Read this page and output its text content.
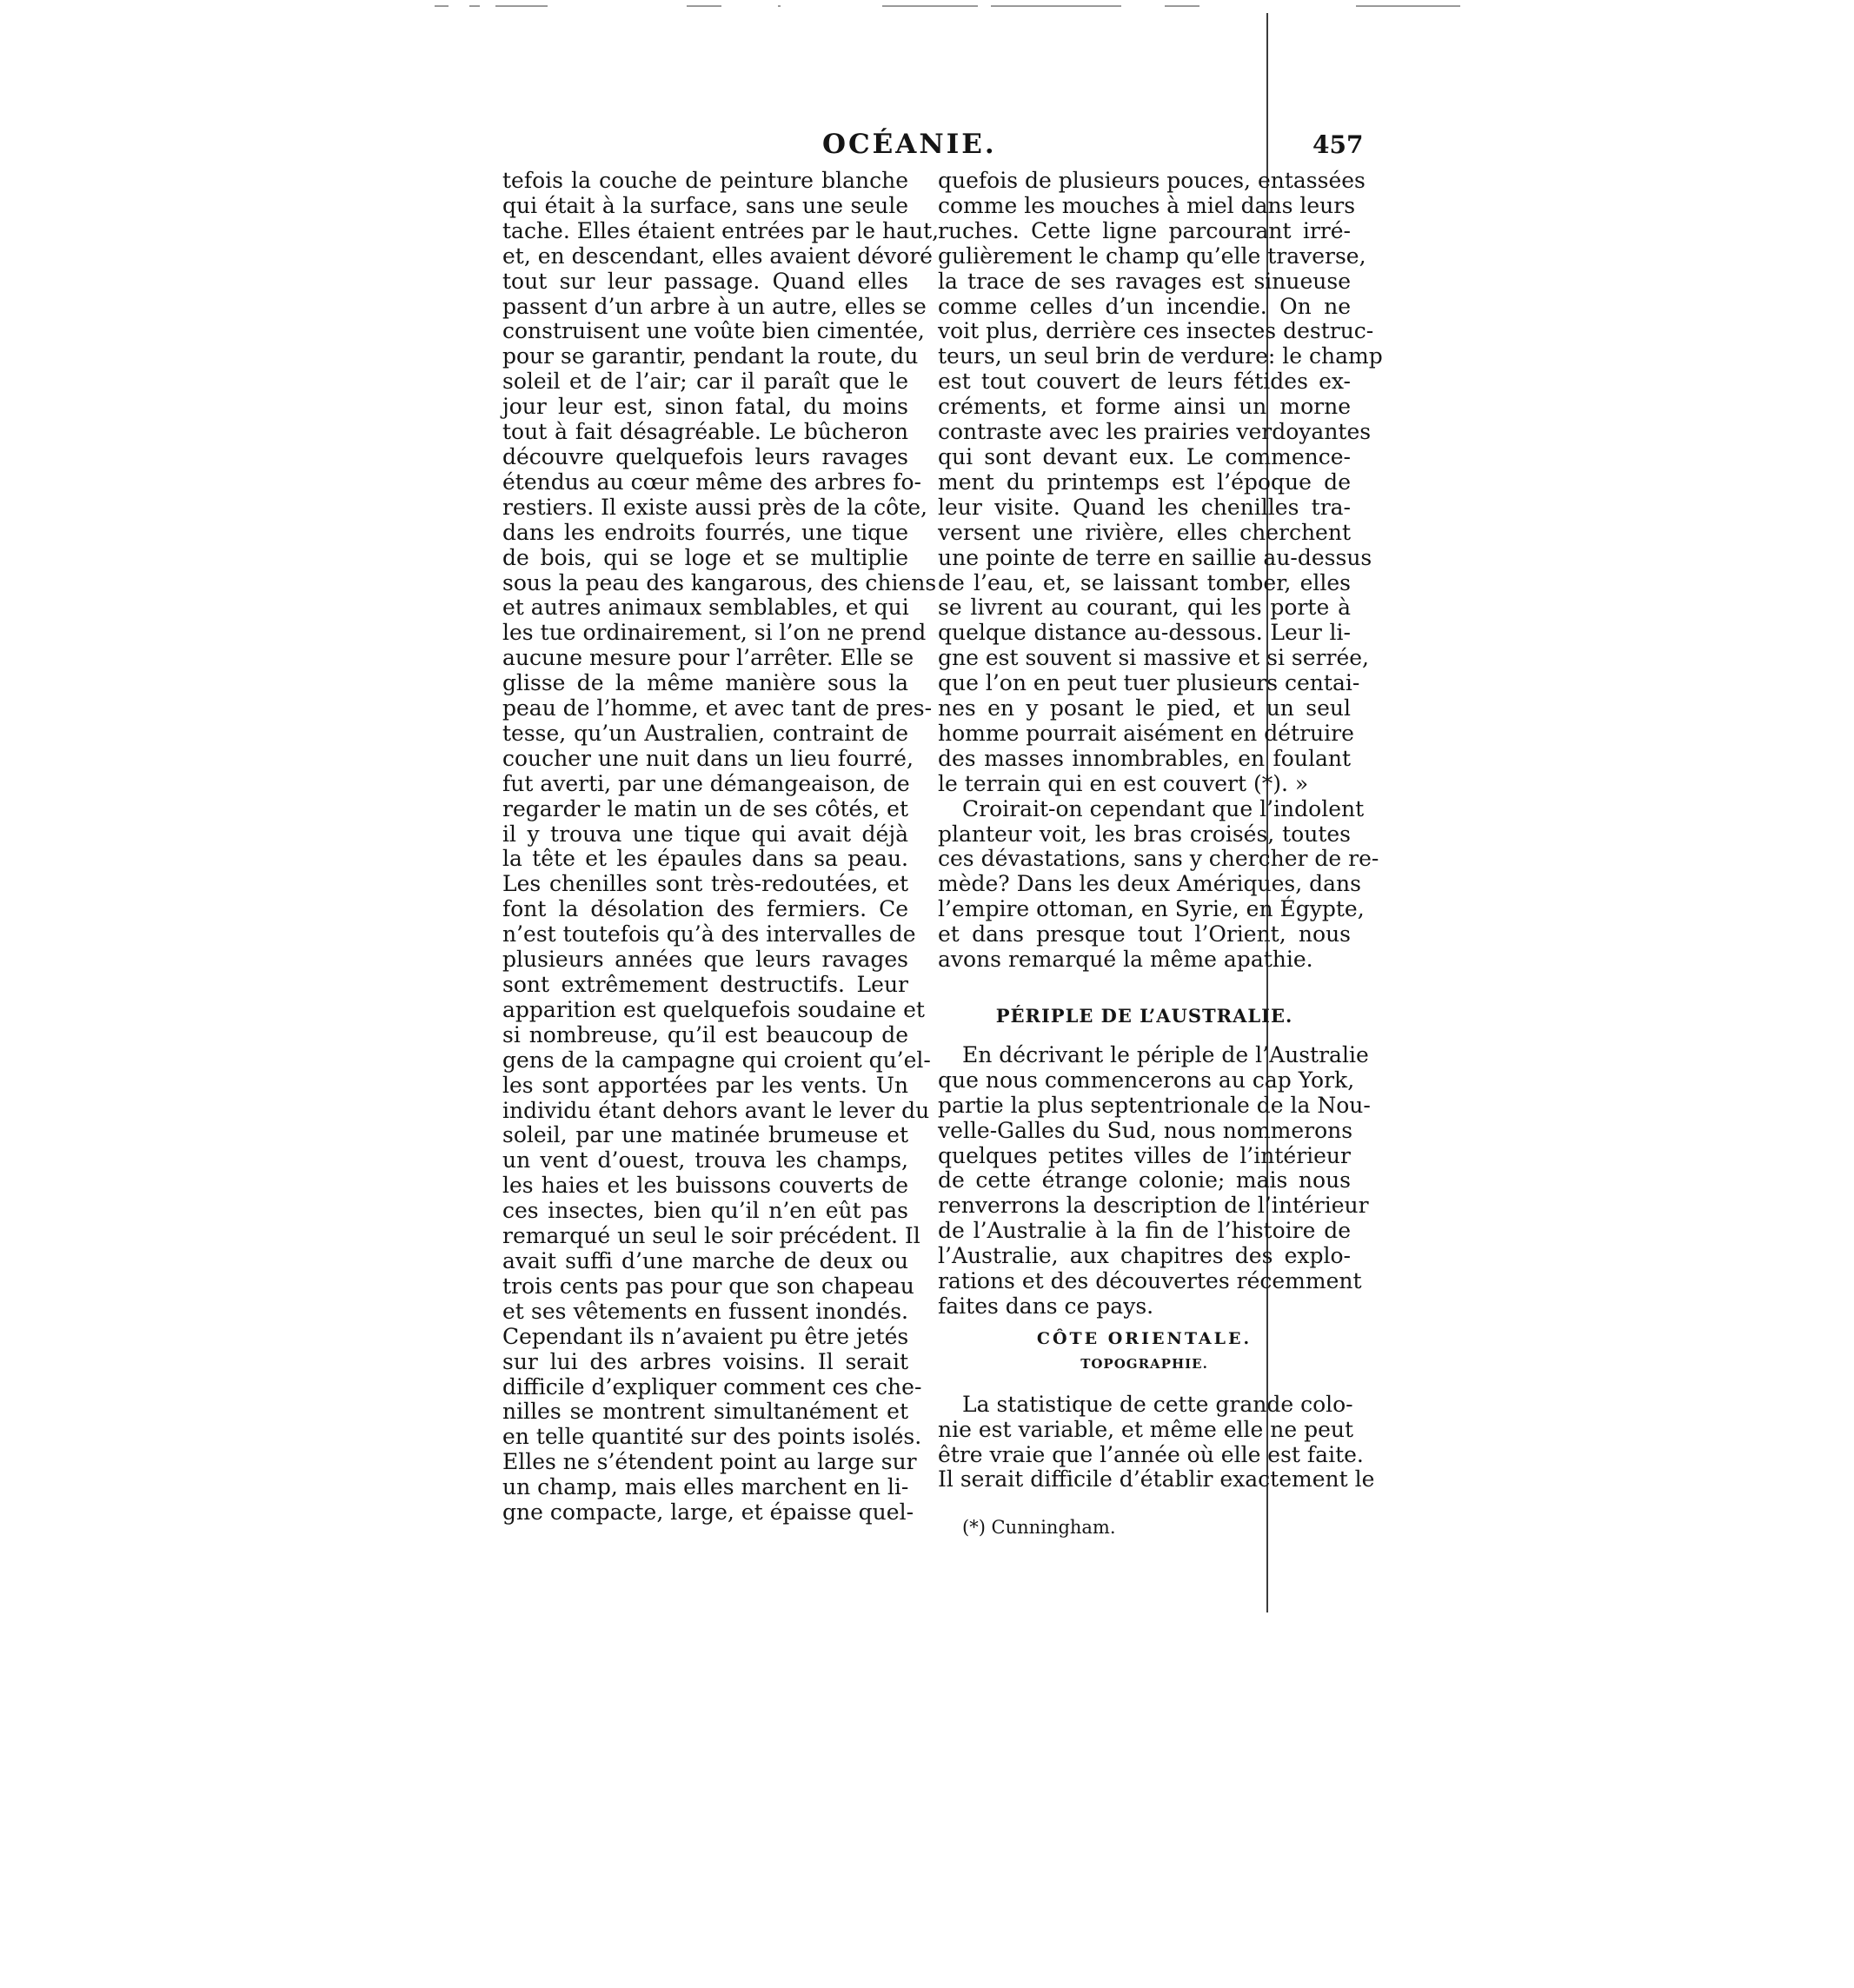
OCÉANIE.	457
tefois la couche de peinture blanche
qui était à la surface, sans une seule
tache. Elles étaient entrées par le haut,
et, en descendant, elles avaient dévoré
tout sur leur passage. Quand elles
passent d’un arbre à un autre, elles se
construisent une voûte bien cimentée,
pour se garantir, pendant la route, du
soleil et de l’air; car il paraît que le
jour leur est, sinon fatal, du moins
tout à fait désagréable. Le bûcheron
découvre quelquefois leurs ravages
étendus au cœur même des arbres fo-
restiers. Il existe aussi près de la côte,
dans les endroits fourrés, une tique
de bois, qui se loge et se multiplie
sous la peau des kangarous, des chiens
et autres animaux semblables, et qui
les tue ordinairement, si l’on ne prend
aucune mesure pour l’arrêter. Elle se
glisse de la même manière sous la
peau de l’homme, et avec tant de pres-
tesse, qu’un Australien, contraint de
coucher une nuit dans un lieu fourré,
fut averti, par une démangeaison, de
regarder le matin un de ses côtés, et
il y trouva une tique qui avait déjà
la tête et les épaules dans sa peau.
Les chenilles sont très-redoutées, et
font la désolation des fermiers. Ce
n’est toutefois qu’à des intervalles de
plusieurs années que leurs ravages
sont extrêmement destructifs. Leur
apparition est quelquefois soudaine et
si nombreuse, qu’il est beaucoup de
gens de la campagne qui croient qu’el-
les sont apportées par les vents. Un
individu étant dehors avant le lever du
soleil, par une matinée brumeuse et
un vent d’ouest, trouva les champs,
les haies et les buissons couverts de
ces insectes, bien qu’il n’en eût pas
remarqué un seul le soir précédent. Il
avait suffi d’une marche de deux ou
trois cents pas pour que son chapeau
et ses vêtements en fussent inondés.
Cependant ils n’avaient pu être jetés
sur lui des arbres voisins. Il serait
difficile d’expliquer comment ces che-
nilles se montrent simultanément et
en telle quantité sur des points isolés.
Elles ne s’étendent point au large sur
un champ, mais elles marchent en li-
gne compacte, large, et épaisse quel-
quefois de plusieurs pouces, entassées
comme les mouches à miel dans leurs
ruches. Cette ligne parcourant irré-
gulièrement le champ qu’elle traverse,
la trace de ses ravages est sinueuse
comme celles d’un incendie. On ne
voit plus, derrière ces insectes destruc-
teurs, un seul brin de verdure: le champ
est tout couvert de leurs fétides ex-
créments, et forme ainsi un morne
contraste avec les prairies verdoyantes
qui sont devant eux. Le commence-
ment du printemps est l’époque de
leur visite. Quand les chenilles tra-
versent une rivière, elles cherchent
une pointe de terre en saillie au-dessus
de l’eau, et, se laissant tomber, elles
se livrent au courant, qui les porte à
quelque distance au-dessous. Leur li-
gne est souvent si massive et si serrée,
que l’on en peut tuer plusieurs centai-
nes en y posant le pied, et un seul
homme pourrait aisément en détruire
des masses innombrables, en foulant
le terrain qui en est couvert (*). »
Croirait-on cependant que l’indolent
planteur voit, les bras croisés, toutes
ces dévastations, sans y chercher de re-
mède? Dans les deux Amériques, dans
l’empire ottoman, en Syrie, en Égypte,
et dans presque tout l’Orient, nous
avons remarqué la même apathie.
PÉRIPLE DE L’AUSTRALIE.
En décrivant le périple de l’Australie
que nous commencerons au cap York,
partie la plus septentrionale de la Nou-
velle-Galles du Sud, nous nommerons
quelques petites villes de l’intérieur
de cette étrange colonie; mais nous
renverrons la description de l’intérieur
de l’Australie à la fin de l’histoire de
l’Australie, aux chapitres des explo-
rations et des découvertes récemment
faites dans ce pays.
CÔTE ORIENTALE.
TOPOGRAPHIE.
La statistique de cette grande colo-
nie est variable, et même elle ne peut
être vraie que l’année où elle est faite.
Il serait difficile d’établir exactement le
(*) Cunningham.
